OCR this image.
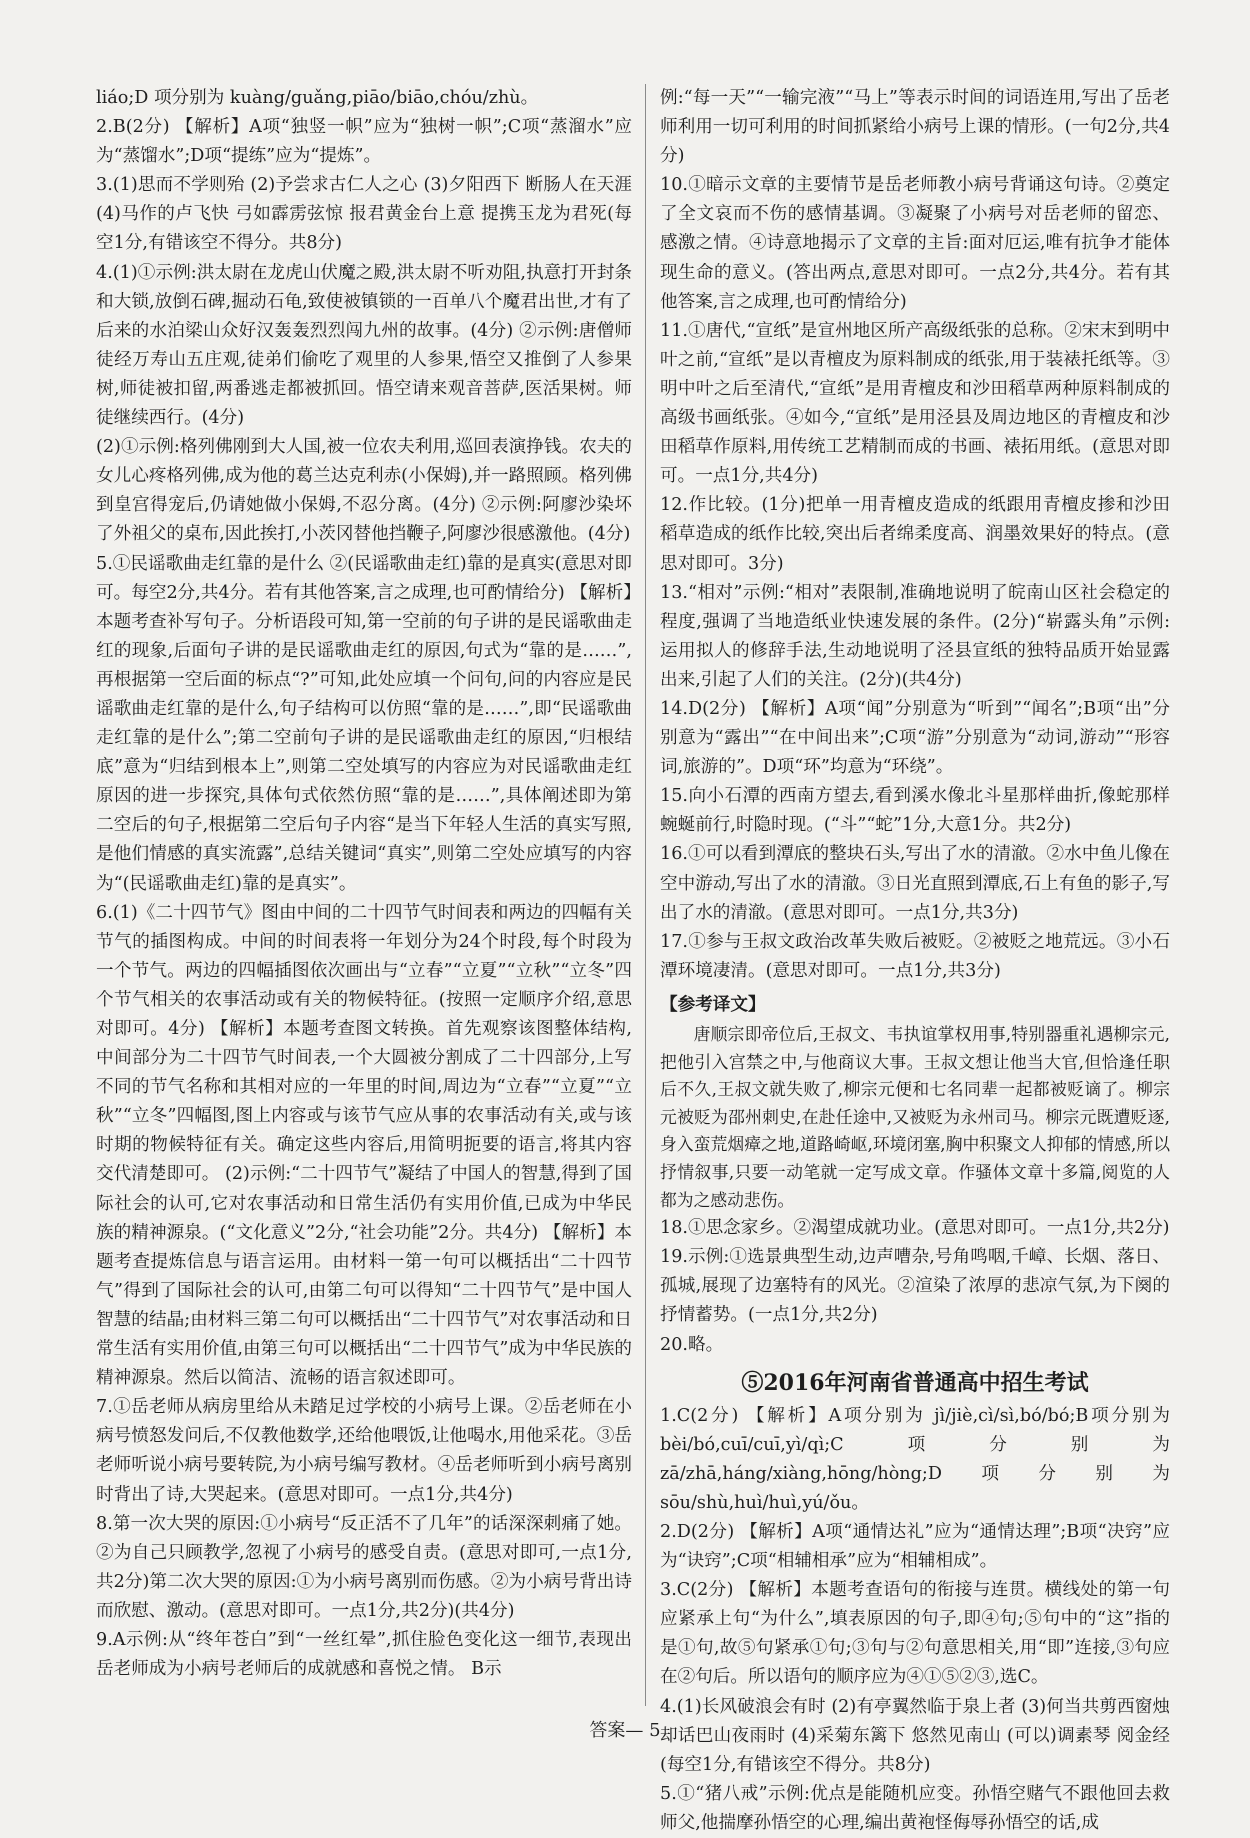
liáo;D 项分别为 kuàng/guǎng,piāo/biāo,chóu/zhù。

2.B(2分) 【解析】A项“独竖一帜”应为“独树一帜”;C项“蒸溜水”应为“蒸馏水”;D项“提练”应为“提炼”。

3.(1)思而不学则殆 (2)予尝求古仁人之心 (3)夕阳西下 断肠人在天涯 (4)马作的卢飞快 弓如霹雳弦惊 报君黄金台上意 提携玉龙为君死(每空1分,有错该空不得分。共8分)

4.(1)①示例:洪太尉在龙虎山伏魔之殿,洪太尉不听劝阻,执意打开封条和大锁,放倒石碑,掘动石龟,致使被镇锁的一百单八个魔君出世,才有了后来的水泊梁山众好汉轰轰烈烈闯九州的故事。(4分) ②示例:唐僧师徒经万寿山五庄观,徒弟们偷吃了观里的人参果,悟空又推倒了人参果树,师徒被扣留,两番逃走都被抓回。悟空请来观音菩萨,医活果树。师徒继续西行。(4分)

(2)①示例:格列佛刚到大人国,被一位农夫利用,巡回表演挣钱。农夫的女儿心疼格列佛,成为他的葛兰达克利赤(小保姆),并一路照顾。格列佛到皇宫得宠后,仍请她做小保姆,不忍分离。(4分) ②示例:阿廖沙染坏了外祖父的桌布,因此挨打,小茨冈替他挡鞭子,阿廖沙很感激他。(4分)

5.①民谣歌曲走红靠的是什么 ②(民谣歌曲走红)靠的是真实(意思对即可。每空2分,共4分。若有其他答案,言之成理,也可酌情给分) 【解析】本题考查补写句子。分析语段可知,第一空前的句子讲的是民谣歌曲走红的现象,后面句子讲的是民谣歌曲走红的原因,句式为“靠的是……”,再根据第一空后面的标点“?”可知,此处应填一个问句,问的内容应是民谣歌曲走红靠的是什么,句子结构可以仿照“靠的是……”,即“民谣歌曲走红靠的是什么”;第二空前句子讲的是民谣歌曲走红的原因,“归根结底”意为“归结到根本上”,则第二空处填写的内容应为对民谣歌曲走红原因的进一步探究,具体句式依然仿照“靠的是……”,具体阐述即为第二空后的句子,根据第二空后句子内容“是当下年轻人生活的真实写照,是他们情感的真实流露”,总结关键词“真实”,则第二空处应填写的内容为“(民谣歌曲走红)靠的是真实”。

6.(1)《二十四节气》图由中间的二十四节气时间表和两边的四幅有关节气的插图构成。中间的时间表将一年划分为24个时段,每个时段为一个节气。两边的四幅插图依次画出与“立春”“立夏”“立秋”“立冬”四个节气相关的农事活动或有关的物候特征。(按照一定顺序介绍,意思对即可。4分) 【解析】本题考查图文转换。首先观察该图整体结构,中间部分为二十四节气时间表,一个大圆被分割成了二十四部分,上写不同的节气名称和其相对应的一年里的时间,周边为“立春”“立夏”“立秋”“立冬”四幅图,图上内容或与该节气应从事的农事活动有关,或与该时期的物候特征有关。确定这些内容后,用简明扼要的语言,将其内容交代清楚即可。 (2)示例:“二十四节气”凝结了中国人的智慧,得到了国际社会的认可,它对农事活动和日常生活仍有实用价值,已成为中华民族的精神源泉。(“文化意义”2分,“社会功能”2分。共4分) 【解析】本题考查提炼信息与语言运用。由材料一第一句可以概括出“二十四节气”得到了国际社会的认可,由第二句可以得知“二十四节气”是中国人智慧的结晶;由材料三第二句可以概括出“二十四节气”对农事活动和日常生活有实用价值,由第三句可以概括出“二十四节气”成为中华民族的精神源泉。然后以简洁、流畅的语言叙述即可。

7.①岳老师从病房里给从未踏足过学校的小病号上课。②岳老师在小病号愤怒发问后,不仅教他数学,还给他喂饭,让他喝水,用他采花。③岳老师听说小病号要转院,为小病号编写教材。④岳老师听到小病号离别时背出了诗,大哭起来。(意思对即可。一点1分,共4分)

8.第一次大哭的原因:①小病号“反正活不了几年”的话深深刺痛了她。②为自己只顾教学,忽视了小病号的感受自责。(意思对即可,一点1分,共2分)第二次大哭的原因:①为小病号离别而伤感。②为小病号背出诗而欣慰、激动。(意思对即可。一点1分,共2分)(共4分)

9.A示例:从“终年苍白”到“一丝红晕”,抓住脸色变化这一细节,表现出岳老师成为小病号老师后的成就感和喜悦之情。 B示

例:“每一天”“一输完液”“马上”等表示时间的词语连用,写出了岳老师利用一切可利用的时间抓紧给小病号上课的情形。(一句2分,共4分)

10.①暗示文章的主要情节是岳老师教小病号背诵这句诗。②奠定了全文哀而不伤的感情基调。③凝聚了小病号对岳老师的留恋、感激之情。④诗意地揭示了文章的主旨:面对厄运,唯有抗争才能体现生命的意义。(答出两点,意思对即可。一点2分,共4分。若有其他答案,言之成理,也可酌情给分)

11.①唐代,“宣纸”是宣州地区所产高级纸张的总称。②宋末到明中叶之前,“宣纸”是以青檀皮为原料制成的纸张,用于装裱托纸等。③明中叶之后至清代,“宣纸”是用青檀皮和沙田稻草两种原料制成的高级书画纸张。④如今,“宣纸”是用泾县及周边地区的青檀皮和沙田稻草作原料,用传统工艺精制而成的书画、裱拓用纸。(意思对即可。一点1分,共4分)

12.作比较。(1分)把单一用青檀皮造成的纸跟用青檀皮掺和沙田稻草造成的纸作比较,突出后者绵柔度高、润墨效果好的特点。(意思对即可。3分)

13.“相对”示例:“相对”表限制,准确地说明了皖南山区社会稳定的程度,强调了当地造纸业快速发展的条件。(2分)“崭露头角”示例:运用拟人的修辞手法,生动地说明了泾县宣纸的独特品质开始显露出来,引起了人们的关注。(2分)(共4分)

14.D(2分) 【解析】A项“闻”分别意为“听到”“闻名”;B项“出”分别意为“露出”“在中间出来”;C项“游”分别意为“动词,游动”“形容词,旅游的”。D项“环”均意为“环绕”。

15.向小石潭的西南方望去,看到溪水像北斗星那样曲折,像蛇那样蜿蜒前行,时隐时现。(“斗”“蛇”1分,大意1分。共2分)

16.①可以看到潭底的整块石头,写出了水的清澈。②水中鱼儿像在空中游动,写出了水的清澈。③日光直照到潭底,石上有鱼的影子,写出了水的清澈。(意思对即可。一点1分,共3分)

17.①参与王叔文政治改革失败后被贬。②被贬之地荒远。③小石潭环境凄清。(意思对即可。一点1分,共3分)

【参考译文】

唐顺宗即帝位后,王叔文、韦执谊掌权用事,特别器重礼遇柳宗元,把他引入宫禁之中,与他商议大事。王叔文想让他当大官,但恰逢任职后不久,王叔文就失败了,柳宗元便和七名同辈一起都被贬谪了。柳宗元被贬为邵州刺史,在赴任途中,又被贬为永州司马。柳宗元既遭贬逐,身入蛮荒烟瘴之地,道路崎岖,环境闭塞,胸中积聚文人抑郁的情感,所以抒情叙事,只要一动笔就一定写成文章。作骚体文章十多篇,阅览的人都为之感动悲伤。

18.①思念家乡。②渴望成就功业。(意思对即可。一点1分,共2分)

19.示例:①选景典型生动,边声嘈杂,号角鸣咽,千嶂、长烟、落日、孤城,展现了边塞特有的风光。②渲染了浓厚的悲凉气氛,为下阕的抒情蓄势。(一点1分,共2分)

20.略。

⑤2016年河南省普通高中招生考试

1.C(2分) 【解析】A项分别为 jì/jiè,cì/sì,bó/bó;B项分别为 bèi/bó,cuī/cuī,yì/qì;C项分别为 zā/zhā,háng/xiàng,hōng/hòng;D项分别为 sōu/shù,huì/huì,yú/ǒu。

2.D(2分) 【解析】A项“通情达礼”应为“通情达理”;B项“决窍”应为“诀窍”;C项“相辅相承”应为“相辅相成”。

3.C(2分) 【解析】本题考查语句的衔接与连贯。横线处的第一句应紧承上句“为什么”,填表原因的句子,即④句;⑤句中的“这”指的是①句,故⑤句紧承①句;③句与②句意思相关,用“即”连接,③句应在②句后。所以语句的顺序应为④①⑤②③,选C。

4.(1)长风破浪会有时 (2)有亭翼然临于泉上者 (3)何当共剪西窗烛 却话巴山夜雨时 (4)采菊东篱下 悠然见南山 (可以)调素琴 阅金经(每空1分,有错该空不得分。共8分)

5.①“猪八戒”示例:优点是能随机应变。孙悟空赌气不跟他回去救师父,他揣摩孙悟空的心理,编出黄袍怪侮辱孙悟空的话,成

答案— 5
